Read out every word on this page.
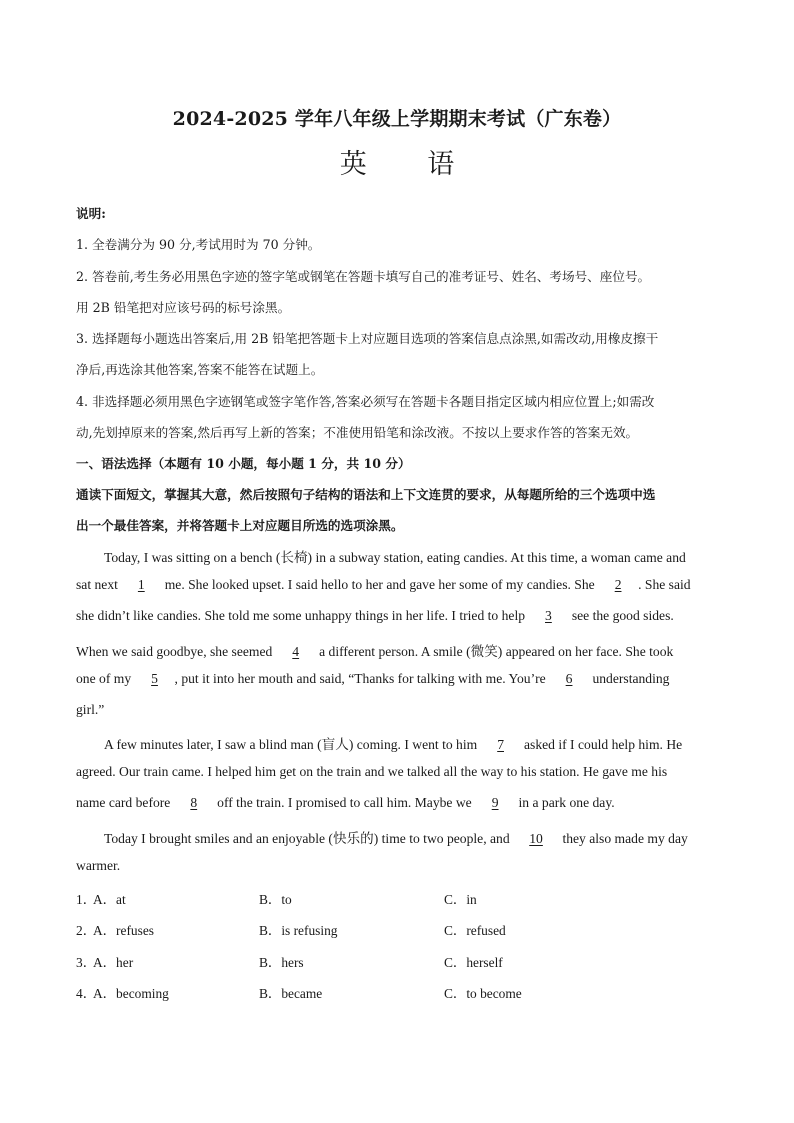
2024-2025 学年八年级上学期期末考试（广东卷）
英 语
说明:
1. 全卷满分为 90 分,考试用时为 70 分钟。
2. 答卷前,考生务必用黑色字迹的签字笔或钢笔在答题卡填写自己的准考证号、姓名、考场号、座位号。
用 2B 铅笔把对应该号码的标号涂黑。
3. 选择题每小题选出答案后,用 2B 铅笔把答题卡上对应题目选项的答案信息点涂黑,如需改动,用橡皮擦干
净后,再选涂其他答案,答案不能答在试题上。
4. 非选择题必须用黑色字迹钢笔或签字笔作答,答案必须写在答题卡各题目指定区域内相应位置上;如需改
动,先划掉原来的答案,然后再写上新的答案；不准使用铅笔和涂改液。不按以上要求作答的答案无效。
一、语法选择（本题有 10 小题，每小题 1 分，共 10 分）
通读下面短文，掌握其大意，然后按照句子结构的语法和上下文连贯的要求，从每题所给的三个选项中选
出一个最佳答案，并将答题卡上对应题目所选的选项涂黑。
Today, I was sitting on a bench (长椅) in a subway station, eating candies. At this time, a woman came and
sat next 1 me. She looked upset. I said hello to her and gave her some of my candies. She 2 . She said
she didn’t like candies. She told me some unhappy things in her life. I tried to help 3 see the good sides.
When we said goodbye, she seemed 4 a different person. A smile (微笑) appeared on her face. She took
one of my 5 , put it into her mouth and said, “Thanks for talking with me. You’re 6 understanding
girl.”
A few minutes later, I saw a blind man (盲人) coming. I went to him 7 asked if I could help him. He
agreed. Our train came. I helped him get on the train and we talked all the way to his station. He gave me his
name card before 8 off the train. I promised to call him. Maybe we 9 in a park one day.
Today I brought smiles and an enjoyable (快乐的) time to two people, and 10 they also made my day
warmer.
1．
A．at	B．to	C．in
2．
A．refuses	B．is refusing	C．refused
3．
A．her	B．hers	C．herself
4．
A．becoming	B．became	C．to become
